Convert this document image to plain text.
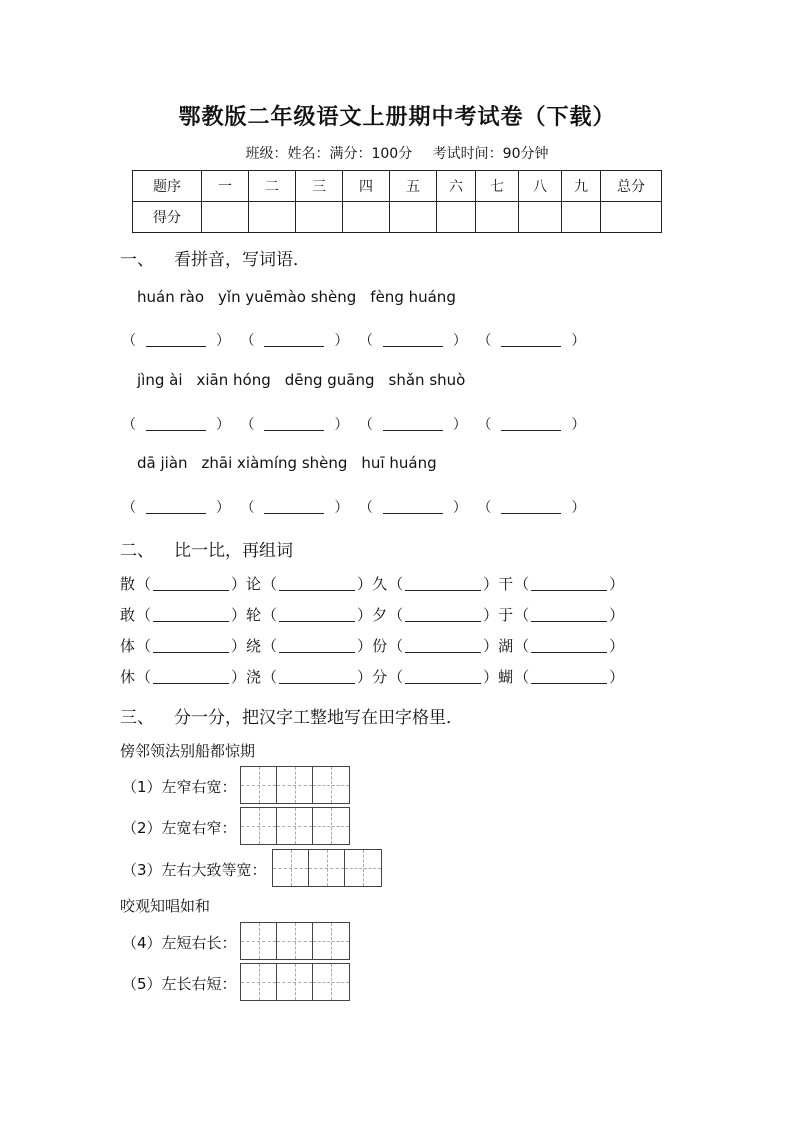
鄂教版二年级语文上册期中考试卷（下载）
班级：姓名：满分：100分 考试时间：90分钟
题序	一	二	三	四	五	六	七	八	九	总分
得分										
一、 看拼音，写词语．
huán rào yǐn yuēmào shèng fèng huáng
（	） （	） （	） （	）
jìng ài xiān hóng dēng guāng shǎn shuò
（	） （	） （	） （	）
dā jiàn zhāi xiàmíng shèng huī huáng
（	） （	） （	） （	）
二、 比一比，再组词
散（	）论（	）久（	）干（	）
敢（	）轮（	）夕（	）于（	）
体（	）绕（	）份（	）湖（	）
休（	）浇（	）分（	）蝴（	）
三、 分一分，把汉字工整地写在田字格里．
傍邻领法别船都惊期
（1）左窄右宽：
（2）左宽右窄：
（3）左右大致等宽：
咬观知唱如和
（4）左短右长：
（5）左长右短：
